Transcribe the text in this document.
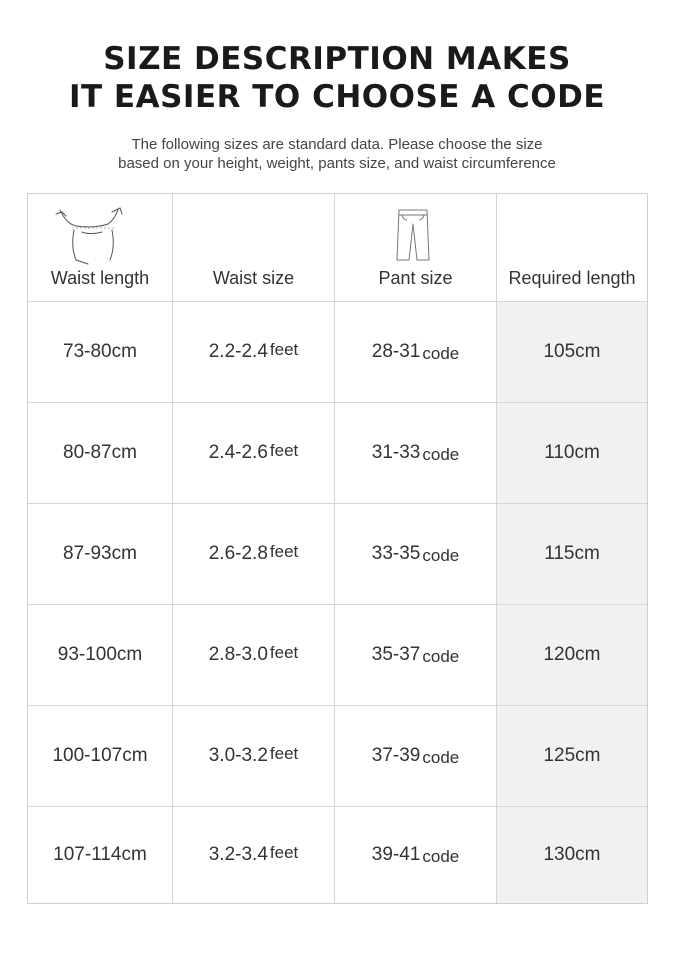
SIZE DESCRIPTION MAKES
IT EASIER TO CHOOSE A CODE
The following sizes are standard data. Please choose the size
based on your height, weight, pants size, and waist circumference
Waist length	Waist size	Pant size	Required length
73-80cm	2.2-2.4 feet	28-31 code	105cm
80-87cm	2.4-2.6 feet	31-33 code	110cm
87-93cm	2.6-2.8 feet	33-35 code	115cm
93-100cm	2.8-3.0 feet	35-37 code	120cm
100-107cm	3.0-3.2 feet	37-39 code	125cm
107-114cm	3.2-3.4 feet	39-41 code	130cm
